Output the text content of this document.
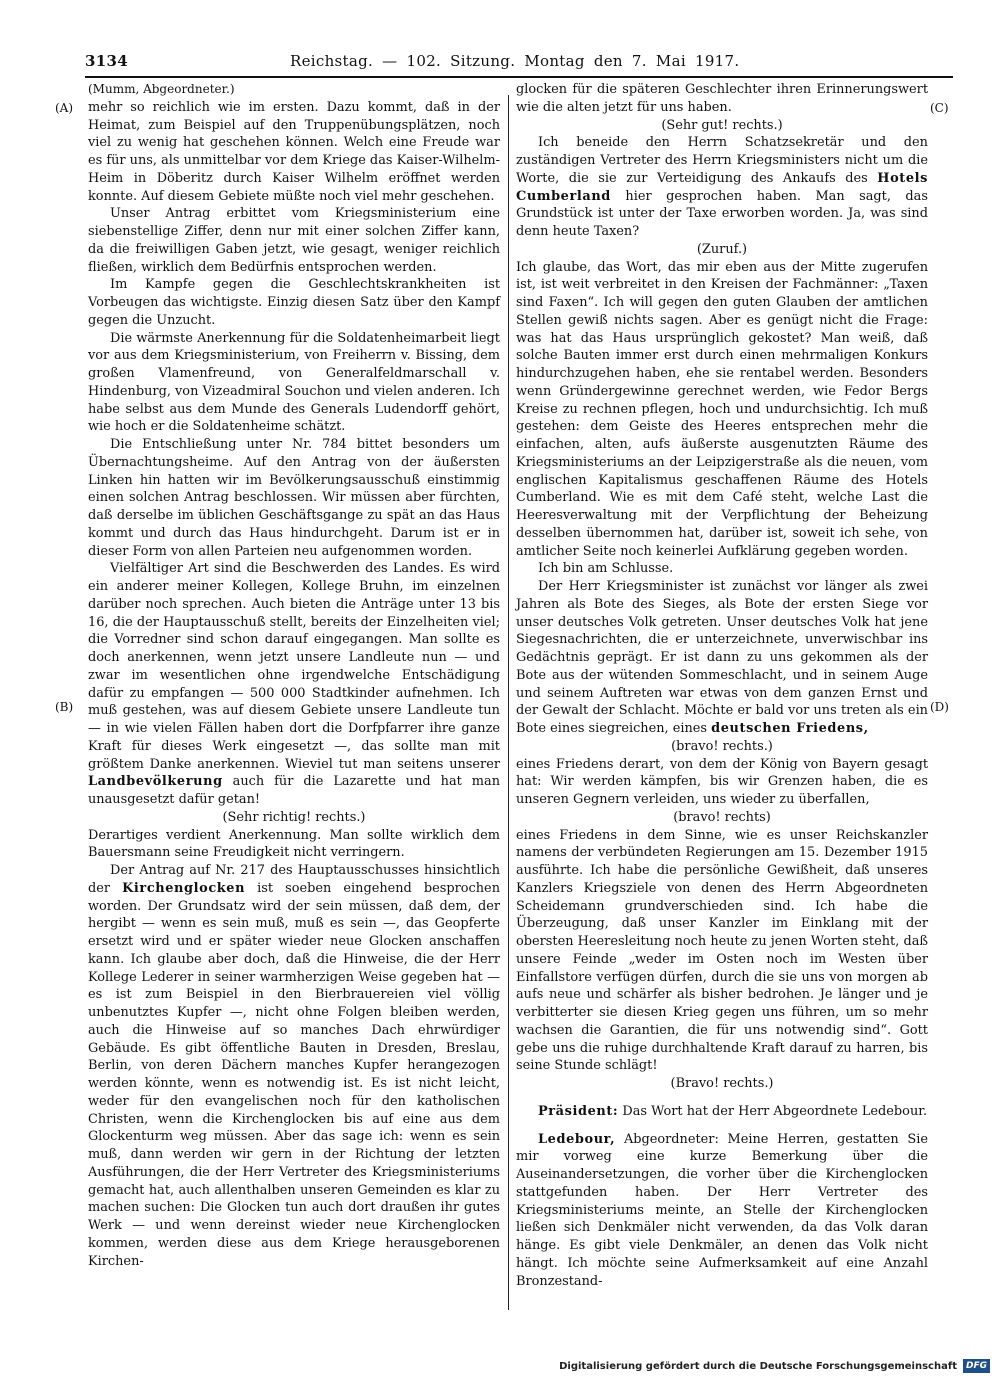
3134	Reichstag. — 102. Sitzung. Montag den 7. Mai 1917.
(A)
(B)
(C)
(D)

(Mumm, Abgeordneter.)

mehr so reichlich wie im ersten. Dazu kommt, daß in der Heimat, zum Beispiel auf den Truppenübungsplätzen, noch viel zu wenig hat geschehen können. Welch eine Freude war es für uns, als unmittelbar vor dem Kriege das Kaiser-Wilhelm-Heim in Döberitz durch Kaiser Wilhelm eröffnet werden konnte. Auf diesem Gebiete müßte noch viel mehr geschehen.

Unser Antrag erbittet vom Kriegsministerium eine siebenstellige Ziffer, denn nur mit einer solchen Ziffer kann, da die freiwilligen Gaben jetzt, wie gesagt, weniger reichlich fließen, wirklich dem Bedürfnis entsprochen werden.

Im Kampfe gegen die Geschlechtskrankheiten ist Vorbeugen das wichtigste. Einzig diesen Satz über den Kampf gegen die Unzucht.

Die wärmste Anerkennung für die Soldatenheimarbeit liegt vor aus dem Kriegsministerium, von Freiherrn v. Bissing, dem großen Vlamenfreund, von Generalfeldmarschall v. Hindenburg, von Vizeadmiral Souchon und vielen anderen. Ich habe selbst aus dem Munde des Generals Ludendorff gehört, wie hoch er die Soldatenheime schätzt.

Die Entschließung unter Nr. 784 bittet besonders um Übernachtungsheime. Auf den Antrag von der äußersten Linken hin hatten wir im Bevölkerungsausschuß einstimmig einen solchen Antrag beschlossen. Wir müssen aber fürchten, daß derselbe im üblichen Geschäftsgange zu spät an das Haus kommt und durch das Haus hindurchgeht. Darum ist er in dieser Form von allen Parteien neu aufgenommen worden.

Vielfältiger Art sind die Beschwerden des Landes. Es wird ein anderer meiner Kollegen, Kollege Bruhn, im einzelnen darüber noch sprechen. Auch bieten die Anträge unter 13 bis 16, die der Hauptausschuß stellt, bereits der Einzelheiten viel; die Vorredner sind schon darauf eingegangen. Man sollte es doch anerkennen, wenn jetzt unsere Landleute nun — und zwar im wesentlichen ohne irgendwelche Entschädigung dafür zu empfangen — 500 000 Stadtkinder aufnehmen. Ich muß gestehen, was auf diesem Gebiete unsere Landleute tun — in wie vielen Fällen haben dort die Dorfpfarrer ihre ganze Kraft für dieses Werk eingesetzt —, das sollte man mit größtem Danke anerkennen. Wieviel tut man seitens unserer Landbevölkerung auch für die Lazarette und hat man unausgesetzt dafür getan!

(Sehr richtig! rechts.)

Derartiges verdient Anerkennung. Man sollte wirklich dem Bauersmann seine Freudigkeit nicht verringern.

Der Antrag auf Nr. 217 des Hauptausschusses hinsichtlich der Kirchenglocken ist soeben eingehend besprochen worden. Der Grundsatz wird der sein müssen, daß dem, der hergibt — wenn es sein muß, muß es sein —, das Geopferte ersetzt wird und er später wieder neue Glocken anschaffen kann. Ich glaube aber doch, daß die Hinweise, die der Herr Kollege Lederer in seiner warmherzigen Weise gegeben hat — es ist zum Beispiel in den Bierbrauereien viel völlig unbenutztes Kupfer —, nicht ohne Folgen bleiben werden, auch die Hinweise auf so manches Dach ehrwürdiger Gebäude. Es gibt öffentliche Bauten in Dresden, Breslau, Berlin, von deren Dächern manches Kupfer herangezogen werden könnte, wenn es notwendig ist. Es ist nicht leicht, weder für den evangelischen noch für den katholischen Christen, wenn die Kirchenglocken bis auf eine aus dem Glockenturm weg müssen. Aber das sage ich: wenn es sein muß, dann werden wir gern in der Richtung der letzten Ausführungen, die der Herr Vertreter des Kriegsministeriums gemacht hat, auch allenthalben unseren Gemeinden es klar zu machen suchen: Die Glocken tun auch dort draußen ihr gutes Werk — und wenn dereinst wieder neue Kirchenglocken kommen, werden diese aus dem Kriege herausgeborenen Kirchen-

glocken für die späteren Geschlechter ihren Erinnerungswert wie die alten jetzt für uns haben.

(Sehr gut! rechts.)

Ich beneide den Herrn Schatzsekretär und den zuständigen Vertreter des Herrn Kriegsministers nicht um die Worte, die sie zur Verteidigung des Ankaufs des Hotels Cumberland hier gesprochen haben. Man sagt, das Grundstück ist unter der Taxe erworben worden. Ja, was sind denn heute Taxen?

(Zuruf.)

Ich glaube, das Wort, das mir eben aus der Mitte zugerufen ist, ist weit verbreitet in den Kreisen der Fachmänner: „Taxen sind Faxen“. Ich will gegen den guten Glauben der amtlichen Stellen gewiß nichts sagen. Aber es genügt nicht die Frage: was hat das Haus ursprünglich gekostet? Man weiß, daß solche Bauten immer erst durch einen mehrmaligen Konkurs hindurchzugehen haben, ehe sie rentabel werden. Besonders wenn Gründergewinne gerechnet werden, wie Fedor Bergs Kreise zu rechnen pflegen, hoch und undurchsichtig. Ich muß gestehen: dem Geiste des Heeres entsprechen mehr die einfachen, alten, aufs äußerste ausgenutzten Räume des Kriegsministeriums an der Leipzigerstraße als die neuen, vom englischen Kapitalismus geschaffenen Räume des Hotels Cumberland. Wie es mit dem Café steht, welche Last die Heeresverwaltung mit der Verpflichtung der Beheizung desselben übernommen hat, darüber ist, soweit ich sehe, von amtlicher Seite noch keinerlei Aufklärung gegeben worden.

Ich bin am Schlusse.

Der Herr Kriegsminister ist zunächst vor länger als zwei Jahren als Bote des Sieges, als Bote der ersten Siege vor unser deutsches Volk getreten. Unser deutsches Volk hat jene Siegesnachrichten, die er unterzeichnete, unverwischbar ins Gedächtnis geprägt. Er ist dann zu uns gekommen als der Bote aus der wütenden Sommeschlacht, und in seinem Auge und seinem Auftreten war etwas von dem ganzen Ernst und der Gewalt der Schlacht. Möchte er bald vor uns treten als ein Bote eines siegreichen, eines deutschen Friedens,

(bravo! rechts.)

eines Friedens derart, von dem der König von Bayern gesagt hat: Wir werden kämpfen, bis wir Grenzen haben, die es unseren Gegnern verleiden, uns wieder zu überfallen,

(bravo! rechts)

eines Friedens in dem Sinne, wie es unser Reichskanzler namens der verbündeten Regierungen am 15. Dezember 1915 ausführte. Ich habe die persönliche Gewißheit, daß unseres Kanzlers Kriegsziele von denen des Herrn Abgeordneten Scheidemann grundverschieden sind. Ich habe die Überzeugung, daß unser Kanzler im Einklang mit der obersten Heeresleitung noch heute zu jenen Worten steht, daß unsere Feinde „weder im Osten noch im Westen über Einfallstore verfügen dürfen, durch die sie uns von morgen ab aufs neue und schärfer als bisher bedrohen. Je länger und je verbitterter sie diesen Krieg gegen uns führen, um so mehr wachsen die Garantien, die für uns notwendig sind“. Gott gebe uns die ruhige durchhaltende Kraft darauf zu harren, bis seine Stunde schlägt!

(Bravo! rechts.)

Präsident: Das Wort hat der Herr Abgeordnete Ledebour.

Ledebour, Abgeordneter: Meine Herren, gestatten Sie mir vorweg eine kurze Bemerkung über die Auseinandersetzungen, die vorher über die Kirchenglocken stattgefunden haben. Der Herr Vertreter des Kriegsministeriums meinte, an Stelle der Kirchenglocken ließen sich Denkmäler nicht verwenden, da das Volk daran hänge. Es gibt viele Denkmäler, an denen das Volk nicht hängt. Ich möchte seine Aufmerksamkeit auf eine Anzahl Bronzestand-

Digitalisierung gefördert durch die Deutsche Forschungsgemeinschaft	DFG
